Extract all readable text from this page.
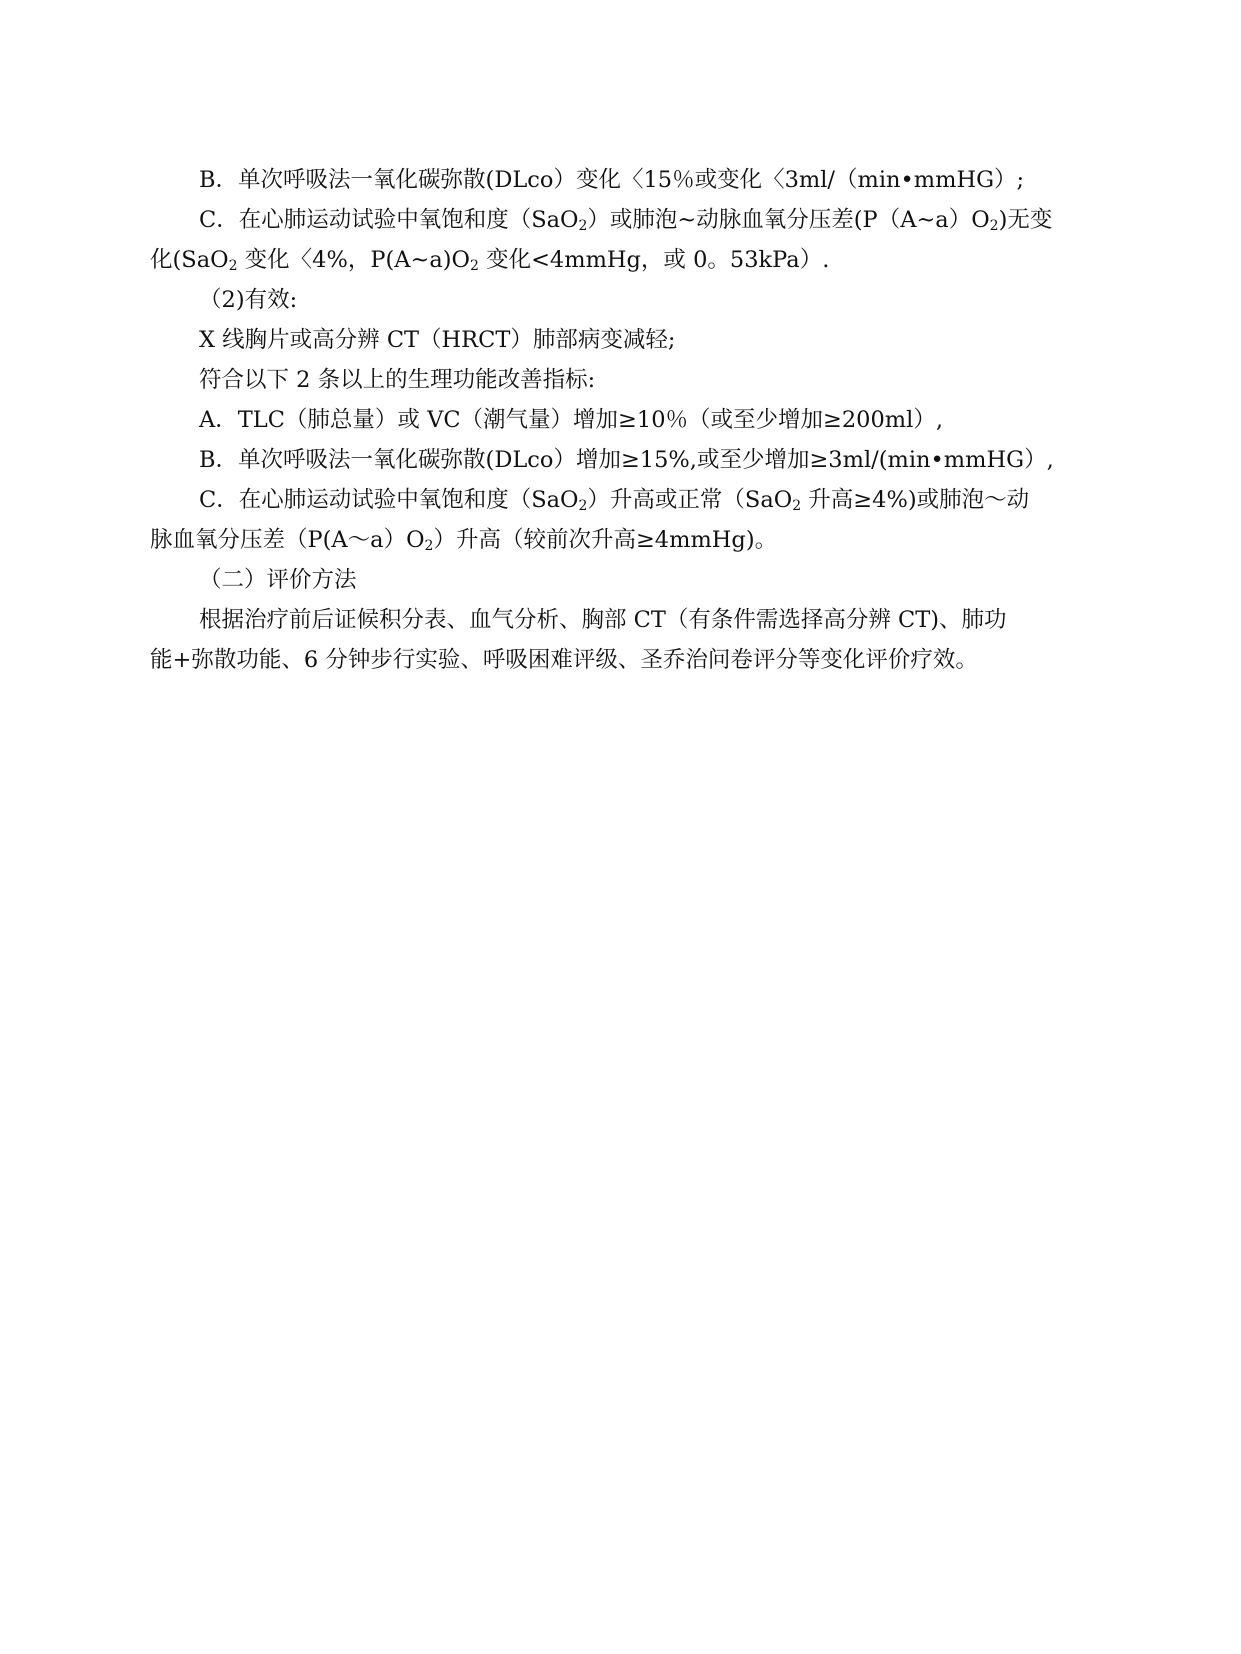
B．单次呼吸法一氧化碳弥散(DLco）变化〈15％或变化〈3ml/（min•mmHG）;
C．在心肺运动试验中氧饱和度（SaO$_2$）或肺泡~动脉血氧分压差$(P(A\sim a)O_2)$无变
化(SaO$_2$ 变化〈4%，$P(A\sim a)O_2$ 变化<4mmHg，或 0。53kPa）.
（2)有效:
X 线胸片或高分辨 CT（HRCT）肺部病变减轻;
符合以下 2 条以上的生理功能改善指标:
A．TLC（肺总量）或 VC（潮气量）增加≥10％（或至少增加≥200ml）,
B．单次呼吸法一氧化碳弥散(DLco）增加≥15%,或至少增加≥3ml/(min•mmHG）,
C．在心肺运动试验中氧饱和度（SaO$_2$）升高或正常（SaO$_2$ 升高≥4%)或肺泡～动
脉血氧分压差$(P(A\sim a)O_2)$升高（较前次升高≥4mmHg)。
（二）评价方法
根据治疗前后证候积分表、血气分析、胸部 CT（有条件需选择高分辨 CT)、肺功
能+弥散功能、6 分钟步行实验、呼吸困难评级、圣乔治问卷评分等变化评价疗效。
